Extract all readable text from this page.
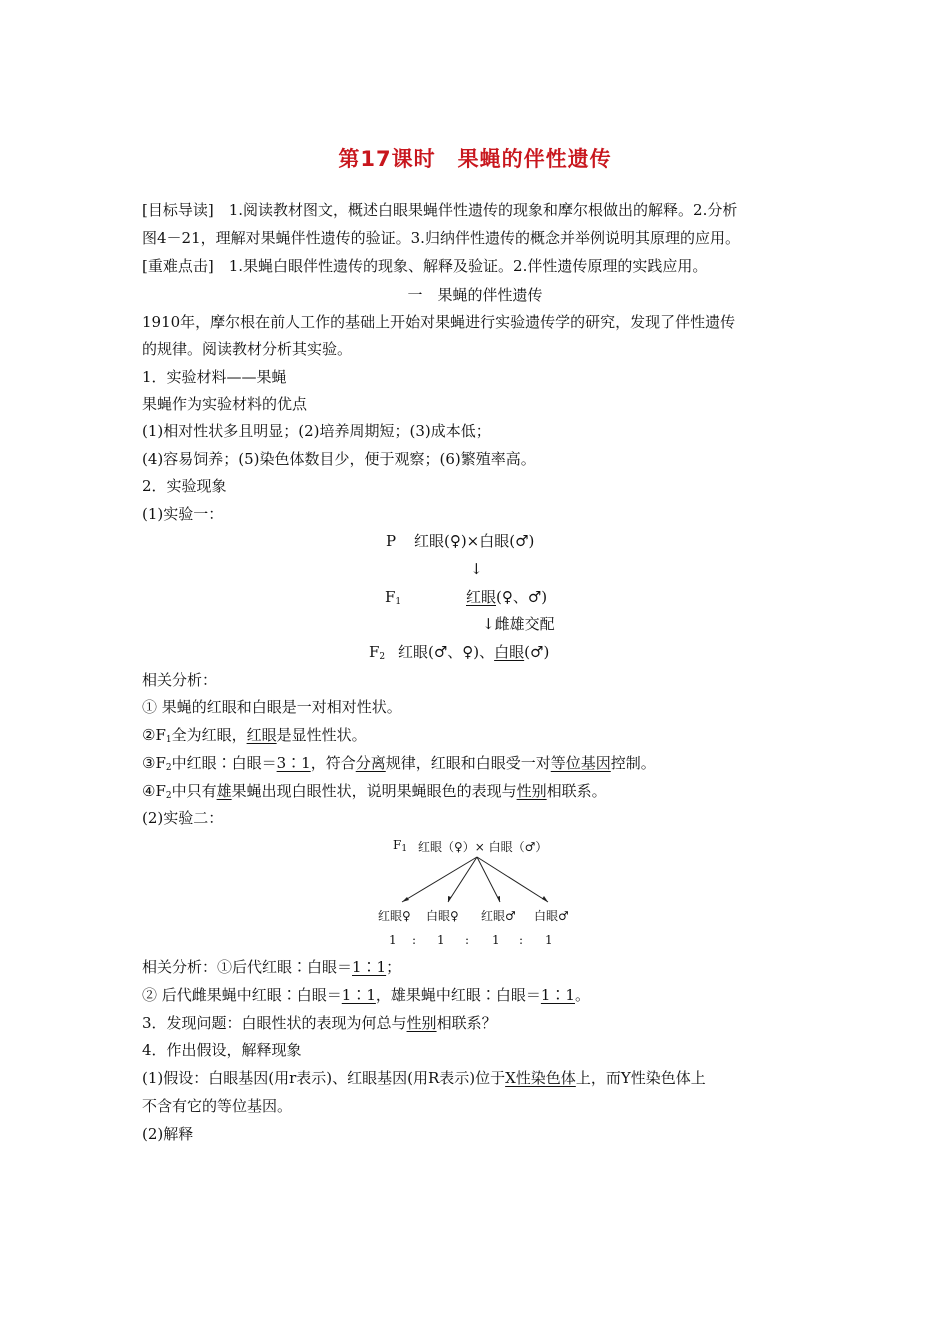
第17课时　果蝇的伴性遗传
[目标导读]　 1.阅读教材图文，概述白眼果蝇伴性遗传的现象和摩尔根做出的解释。2.分析
图4－21，理解对果蝇伴性遗传的验证。3.归纳伴性遗传的概念并举例说明其原理的应用。
[重难点击]　 1.果蝇白眼伴性遗传的现象、解释及验证。2.伴性遗传原理的实践应用。
一　果蝇的伴性遗传
1910年，摩尔根在前人工作的基础上开始对果蝇进行实验遗传学的研究，发现了伴性遗传
的规律。阅读教材分析其实验。
1．实验材料——果蝇
果蝇作为实验材料的优点
(1)相对性状多且明显；(2)培养周期短；(3)成本低；
(4)容易饲养；(5)染色体数目少，便于观察；(6)繁殖率高。
2．实验现象
(1)实验一：
P 红眼(♀)×白眼(♂)
↓
$F_1$	红眼(♀、♂)
↓雌雄交配
$F_2$ 红眼(♂、♀)、白眼(♂)
相关分析：
① 果蝇的红眼和白眼是一对相对性状。
$②F_1$全为红眼，红眼是显性性状。
$③F_2$中红眼∶白眼＝3∶1，符合分离规律，红眼和白眼受一对等位基因控制。
$④F_2$中只有雄果蝇出现白眼性状，说明果蝇眼色的表现与性别相联系。
(2)实验二：
$F_1$ 红眼（♀）× 白眼（♂）
红眼♀ 白眼♀ 红眼♂ 白眼♂
1 : 1 : 1 : 1
相关分析：①后代红眼∶白眼＝1∶1；
② 后代雌果蝇中红眼∶白眼＝1∶1，雄果蝇中红眼∶白眼＝1∶1。
3．发现问题：白眼性状的表现为何总与性别相联系？
4．作出假设，解释现象
(1)假设：白眼基因(用r表示)、红眼基因(用R表示)位于X性染色体上，而Y性染色体上
不含有它的等位基因。
(2)解释
